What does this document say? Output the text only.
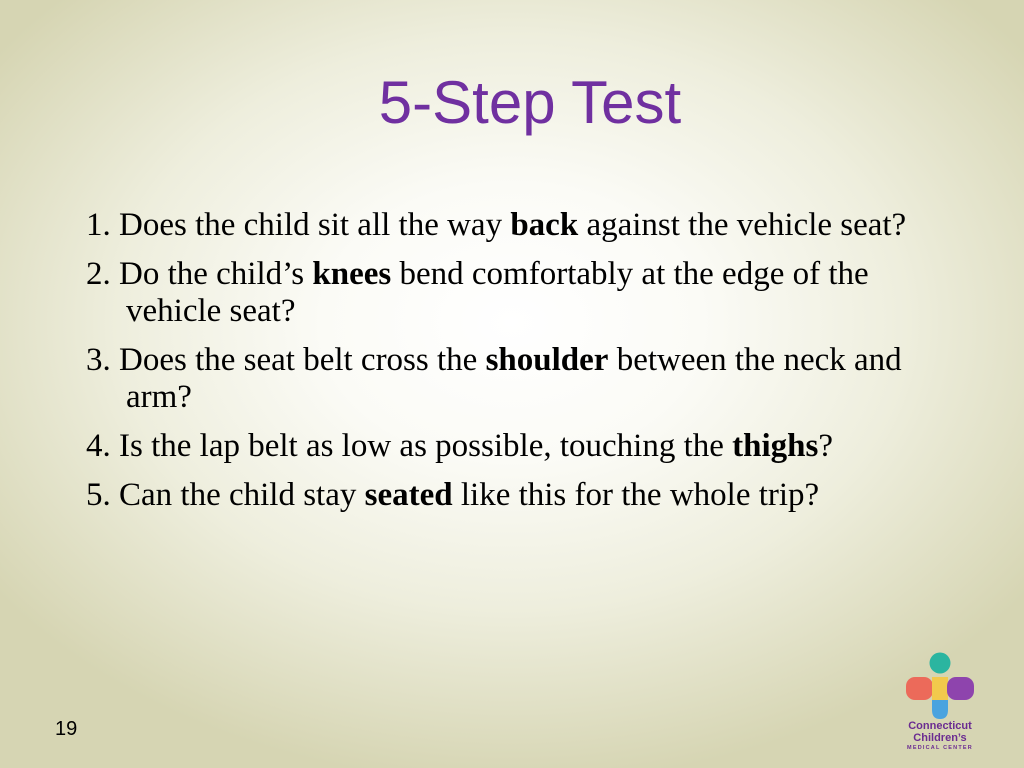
5-Step Test
1. Does the child sit all the way back against the vehicle seat?
2. Do the child’s knees bend comfortably at the edge of the vehicle seat?
3. Does the seat belt cross the shoulder between the neck and arm?
4. Is the lap belt as low as possible, touching the thighs?
5. Can the child stay seated like this for the whole trip?
19	Connecticut
Children’s
MEDICAL CENTER
